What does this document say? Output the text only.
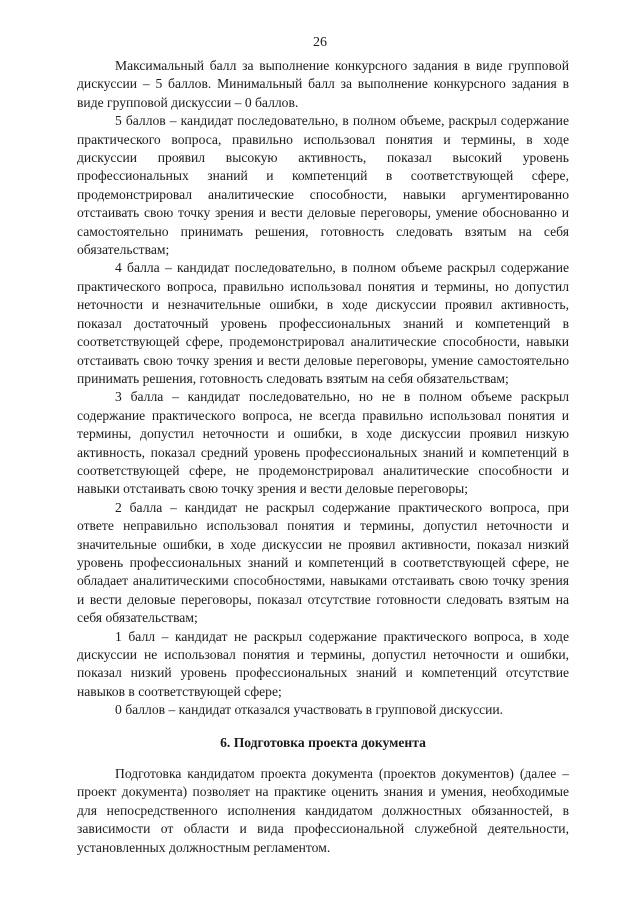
26

Максимальный балл за выполнение конкурсного задания в виде групповой дискуссии – 5 баллов. Минимальный балл за выполнение конкурсного задания в виде групповой дискуссии – 0 баллов.

5 баллов – кандидат последовательно, в полном объеме, раскрыл содержание практического вопроса, правильно использовал понятия и термины, в ходе дискуссии проявил высокую активность, показал высокий уровень профессиональных знаний и компетенций в соответствующей сфере, продемонстрировал аналитические способности, навыки аргументированно отстаивать свою точку зрения и вести деловые переговоры, умение обоснованно и самостоятельно принимать решения, готовность следовать взятым на себя обязательствам;

4 балла – кандидат последовательно, в полном объеме раскрыл содержание практического вопроса, правильно использовал понятия и термины, но допустил неточности и незначительные ошибки, в ходе дискуссии проявил активность, показал достаточный уровень профессиональных знаний и компетенций в соответствующей сфере, продемонстрировал аналитические способности, навыки отстаивать свою точку зрения и вести деловые переговоры, умение самостоятельно принимать решения, готовность следовать взятым на себя обязательствам;

3 балла – кандидат последовательно, но не в полном объеме раскрыл содержание практического вопроса, не всегда правильно использовал понятия и термины, допустил неточности и ошибки, в ходе дискуссии проявил низкую активность, показал средний уровень профессиональных знаний и компетенций в соответствующей сфере, не продемонстрировал аналитические способности и навыки отстаивать свою точку зрения и вести деловые переговоры;

2 балла – кандидат не раскрыл содержание практического вопроса, при ответе неправильно использовал понятия и термины, допустил неточности и значительные ошибки, в ходе дискуссии не проявил активности, показал низкий уровень профессиональных знаний и компетенций в соответствующей сфере, не обладает аналитическими способностями, навыками отстаивать свою точку зрения и вести деловые переговоры, показал отсутствие готовности следовать взятым на себя обязательствам;

1 балл – кандидат не раскрыл содержание практического вопроса, в ходе дискуссии не использовал понятия и термины, допустил неточности и ошибки, показал низкий уровень профессиональных знаний и компетенций отсутствие навыков в соответствующей сфере;

0 баллов – кандидат отказался участвовать в групповой дискуссии.

6. Подготовка проекта документа

Подготовка кандидатом проекта документа (проектов документов) (далее – проект документа) позволяет на практике оценить знания и умения, необходимые для непосредственного исполнения кандидатом должностных обязанностей, в зависимости от области и вида профессиональной служебной деятельности, установленных должностным регламентом.
